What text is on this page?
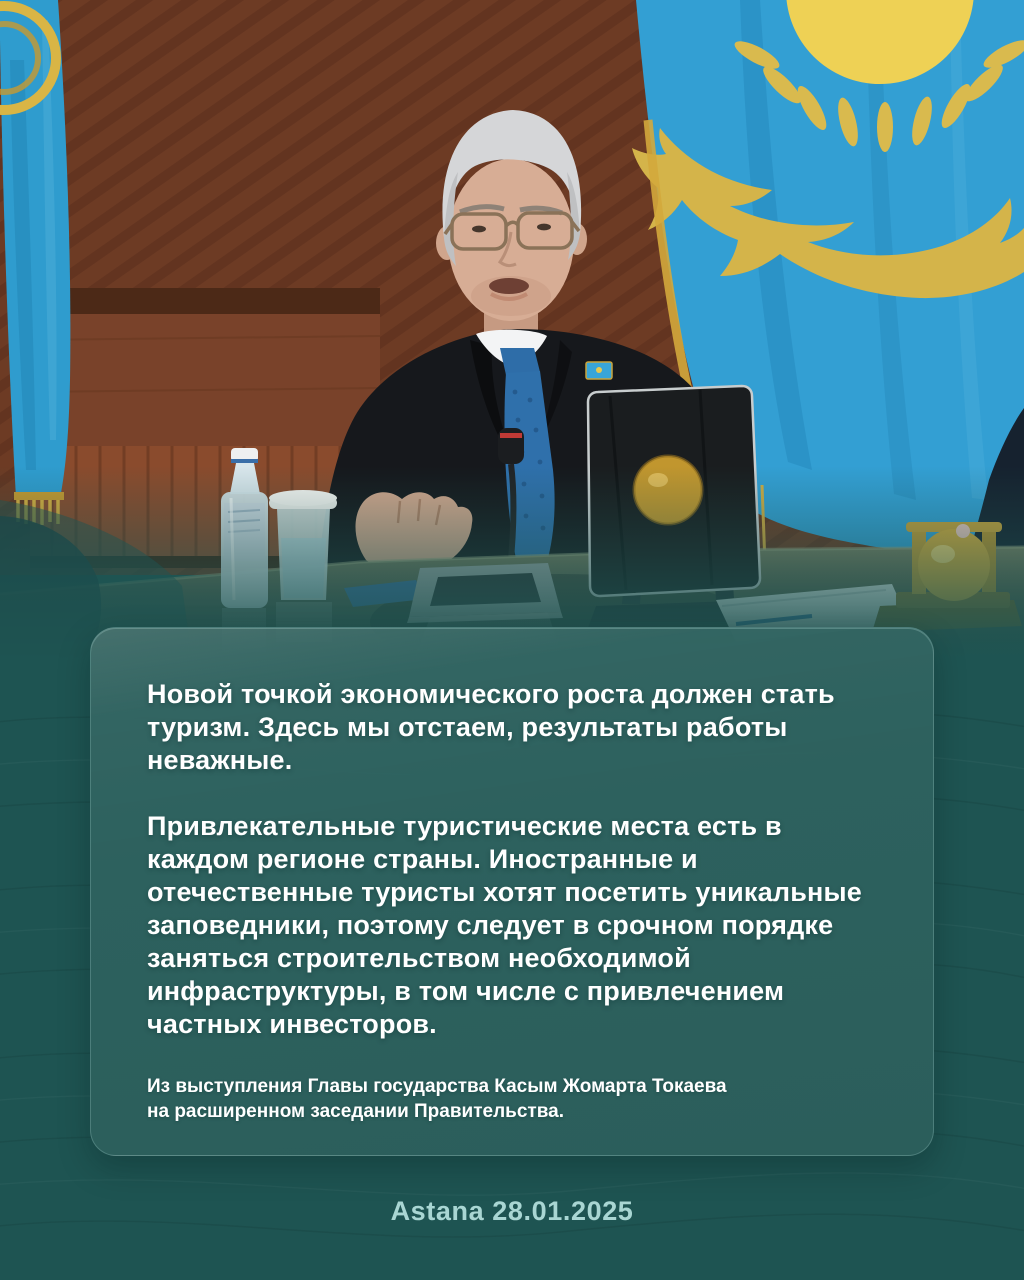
Новой точкой экономического роста должен стать туризм. Здесь мы отстаем, результаты работы неважные.

Привлекательные туристические места есть в каждом регионе страны. Иностранные и отечественные туристы хотят посетить уникальные заповедники, поэтому следует в срочном порядке заняться строительством необходимой инфраструктуры, в том числе с привлечением частных инвесторов.

Из выступления Главы государства Касым Жомарта Токаева на расширенном заседании Правительства.

Astana 28.01.2025
